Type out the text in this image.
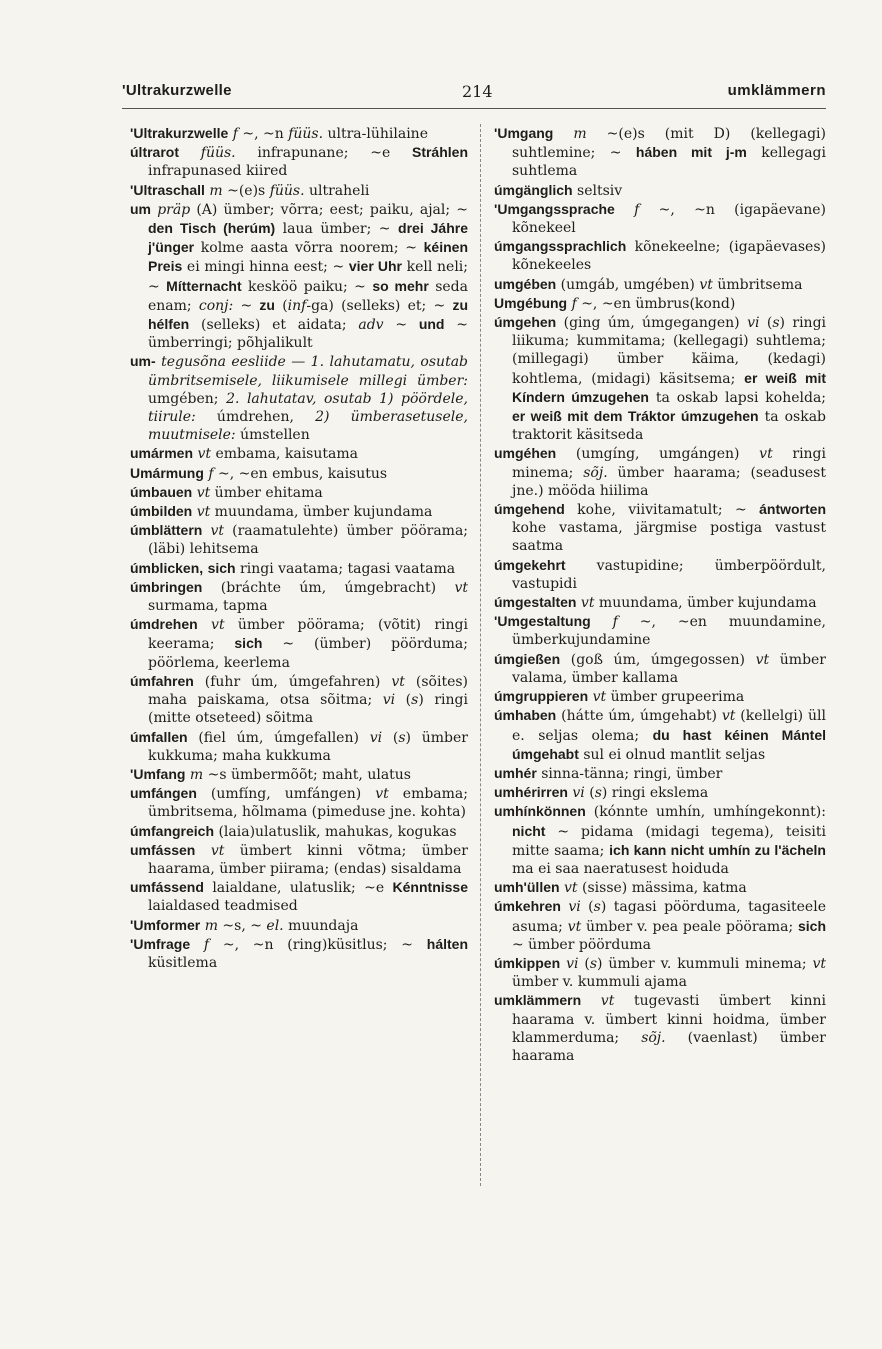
'Ultrakurzwelle	214	umklämmern
'Ultrakurzwelle f ~, ~n füüs. ultra-lühilaine
últrarot füüs. infrapunane; ~e Stráhlen infrapunased kiired
'Ultraschall m ~(e)s füüs. ultraheli
um präp (A) ümber; võrra; eest; paiku, ajal; ~ den Tisch (herúm) laua ümber; ~ drei Jáhre j'ünger kolme aasta võrra noorem; ~ kéinen Preis ei mingi hinna eest; ~ vier Uhr kell neli; ~ Mítternacht kesköö paiku; ~ so mehr seda enam; conj: ~ zu (inf-ga) (selleks) et; ~ zu hélfen (selleks) et aidata; adv ~ und ~ ümberringi; põhjalikult
um- tegusõna eesliide — 1. lahutamatu, osutab ümbritsemisele, liikumisele millegi ümber: umgében; 2. lahutatav, osutab 1) pöördele, tiirule: úmdrehen, 2) ümberasetusele, muutmisele: úmstellen
umármen vt embama, kaisutama
Umármung f ~, ~en embus, kaisutus
úmbauen vt ümber ehitama
úmbilden vt muundama, ümber kujundama
úmblättern vt (raamatulehte) ümber pöörama; (läbi) lehitsema
úmblicken, sich ringi vaatama; tagasi vaatama
úmbringen (bráchte úm, úmgebracht) vt surmama, tapma
úmdrehen vt ümber pöörama; (võtit) ringi keerama; sich ~ (ümber) pöörduma; pöörlema, keerlema
úmfahren (fuhr úm, úmgefahren) vt (sõites) maha paiskama, otsa sõitma; vi (s) ringi (mitte otseteed) sõitma
úmfallen (fiel úm, úmgefallen) vi (s) ümber kukkuma; maha kukkuma
'Umfang m ~s ümbermõõt; maht, ulatus
umfángen (umfíng, umfángen) vt embama; ümbritsema, hõlmama (pimeduse jne. kohta)
úmfangreich (laia)ulatuslik, mahukas, kogukas
umfássen vt ümbert kinni võtma; ümber haarama, ümber piirama; (endas) sisaldama
umfássend laialdane, ulatuslik; ~e Kénntnisse laialdased teadmised
'Umformer m ~s, ~ el. muundaja
'Umfrage f ~, ~n (ring)küsitlus; ~ hálten küsitlema
'Umgang m ~(e)s (mit D) (kellegagi) suhtlemine; ~ háben mit j-m kellegagi suhtlema
úmgänglich seltsiv
'Umgangssprache f ~, ~n (igapäevane) kõnekeel
úmgangssprachlich kõnekeelne; (igapäevases) kõnekeeles
umgében (umgáb, umgében) vt ümbritsema
Umgébung f ~, ~en ümbrus(kond)
úmgehen (ging úm, úmgegangen) vi (s) ringi liikuma; kummitama; (kellegagi) suhtlema; (millegagi) ümber käima, (kedagi) kohtlema, (midagi) käsitsema; er weiß mit Kíndern úmzugehen ta oskab lapsi kohelda; er weiß mit dem Tráktor úmzugehen ta oskab traktorit käsitseda
umgéhen (umgíng, umgángen) vt ringi minema; sõj. ümber haarama; (seadusest jne.) mööda hiilima
úmgehend kohe, viivitamatult; ~ ántworten kohe vastama, järgmise postiga vastust saatma
úmgekehrt vastupidine; ümberpöördult, vastupidi
úmgestalten vt muundama, ümber kujundama
'Umgestaltung f ~, ~en muundamine, ümberkujundamine
úmgießen (goß úm, úmgegossen) vt ümber valama, ümber kallama
úmgruppieren vt ümber grupeerima
úmhaben (hátte úm, úmgehabt) vt (kellelgi) üll e. seljas olema; du hast kéinen Mántel úmgehabt sul ei olnud mantlit seljas
umhér sinna-tänna; ringi, ümber
umhérirren vi (s) ringi ekslema
umhínkönnen (kónnte umhín, umhíngekonnt): nicht ~ pidama (midagi tegema), teisiti mitte saama; ich kann nicht umhín zu l'ächeln ma ei saa naeratusest hoiduda
umh'üllen vt (sisse) mässima, katma
úmkehren vi (s) tagasi pöörduma, tagasiteele asuma; vt ümber v. pea peale pöörama; sich ~ ümber pöörduma
úmkippen vi (s) ümber v. kummuli minema; vt ümber v. kummuli ajama
umklämmern vt tugevasti ümbert kinni haarama v. ümbert kinni hoidma, ümber klammerduma; sõj. (vaenlast) ümber haarama
